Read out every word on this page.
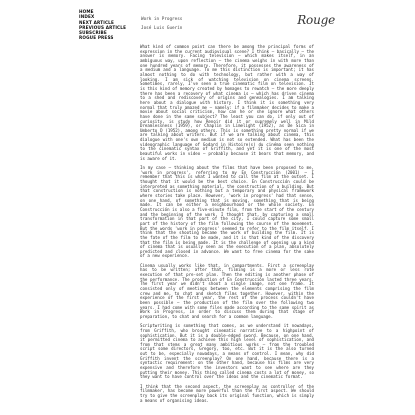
HOME
INDEX
NEXT ARTICLE
PREVIOUS ARTICLE
SUBSCRIBE
ROGUE PRESS
Work in Progress	Rouge
José Luis Guerín

What kind of common point can there be among the principal forms of expression in the current audiovisual scene? I think – basically – the answer is memory. Facing television – which makes itself, in an ambiguous way, upon reflection – the cinema weighs in with more than one hundred years of memory. Therefore, it possesses the awareness of a medium and a language. To me this distinction is important; it has almost nothing to do with technology, but rather with a way of looking. I am sick of watching television on cinema screens. Sometimes, rarely, I've seen a true cinematic film on television. It is this kind of memory created by homages to rewatch – the more deeply there has been a recovery of what cinema is – which has driven cinema to a shed and rediscovery of origins and genealogies. I am talking here about a dialogue with history. I think it is something very normal that truly amazed me – namely: if a filmmaker decides to make a movie about social criticism, how can he or she ignore what others have done in the same subject? The least you can do, if only out of curiosity, is study how Renoir did it or supremely well in Mild Dreamlessness (1959), or Chaplin in Limelight (1952), as De Sica in Umberto D (1952), among others. This is something pretty normal if we are talking about writers. But if we are talking about cinema, this dialogue with one's own medium is not so extended. What has been the videographic language of Godard in Histoire(s) du cinéma seen nothing to the cinematic syntax of Griffith, and yet it is one of the most beautiful works in video – probably because it bears that memory, and is aware of it.

In my case – thinking about the films that have been proposed to me, 'work in progress', referring to my En Construcción (2001) – I remember that this is what I wanted to call the film at the outset. I thought that it would be the best choice. En Construcción could be interpreted as something material, the construction of a building. But that construction is nothing but a temporary and physical framework where stories take place. However, 'work in progress' had that sense, on one hand, of something that is moving, something that is being made. It can be either a neighbourhood or the whole society. En Construcción is also a five-minute film, from the start of the century and the beginning of the work. I thought that, by capturing a small transformation in that part of the city, I could capture some small part of the history of the film following the course of the movement. But the words 'work in progress' seemed to refer to the film itself. I think that the shooting became the work of building the film. It is the fate of the film to be made, and it is that kind of the discovery that the film is being made. It is the challenge of opening up a kind of cinema that is usually seen as the execution of a plan, absolutely predicted and closed in advance. We want to free cinema for the sake of a new experience.

Cinema usually works like that, in compartments. First a screenplay has to be written; after that, filming is a more or less rote execution of that pre-set plan. Then the editing is another phase of the performance. The production of En Construcción lasted three years. The first year we didn't shoot a single image, not one frame. It consisted only of meetings between the elements comprising the film crew and me, to chat and sketch films together. However, within the experience of the first year, the rest of the process couldn't have been possible – the production of the film over the following two years. I had come with some files made according to the same spirit as Work in Progress, in order to discuss them during that stage of preparation, to chat and search for a common language.

Scriptwriting is something that comes, as we understand it nowadays, from Griffith, who brought cinematic narrative to a highpoint of sophistication. But it is a double-edged sword. Because, on one hand, it permitted cinema to achieve this high level of sophistication, and from that stems a great many ambitious works – from the troubled script some directors, Gregory, too, etc. But it is the also turned out to be, especially nowadays, a means of control. I mean, why did Griffith invent the screenplay? On one hand, because there is a syntactic requirement: on the other hand, because his films are very expensive and therefore the investors want to see where are they putting their money. This thing called cinema costs a lot of money, so they want to have control over the ideas and the cinematic format.

I think that the second aspect, the screenplay as controller of the filmmaker, has become more powerful than the first aspect. We should try to give the screenplay back its original function, which is simply a means of organising ideas.
